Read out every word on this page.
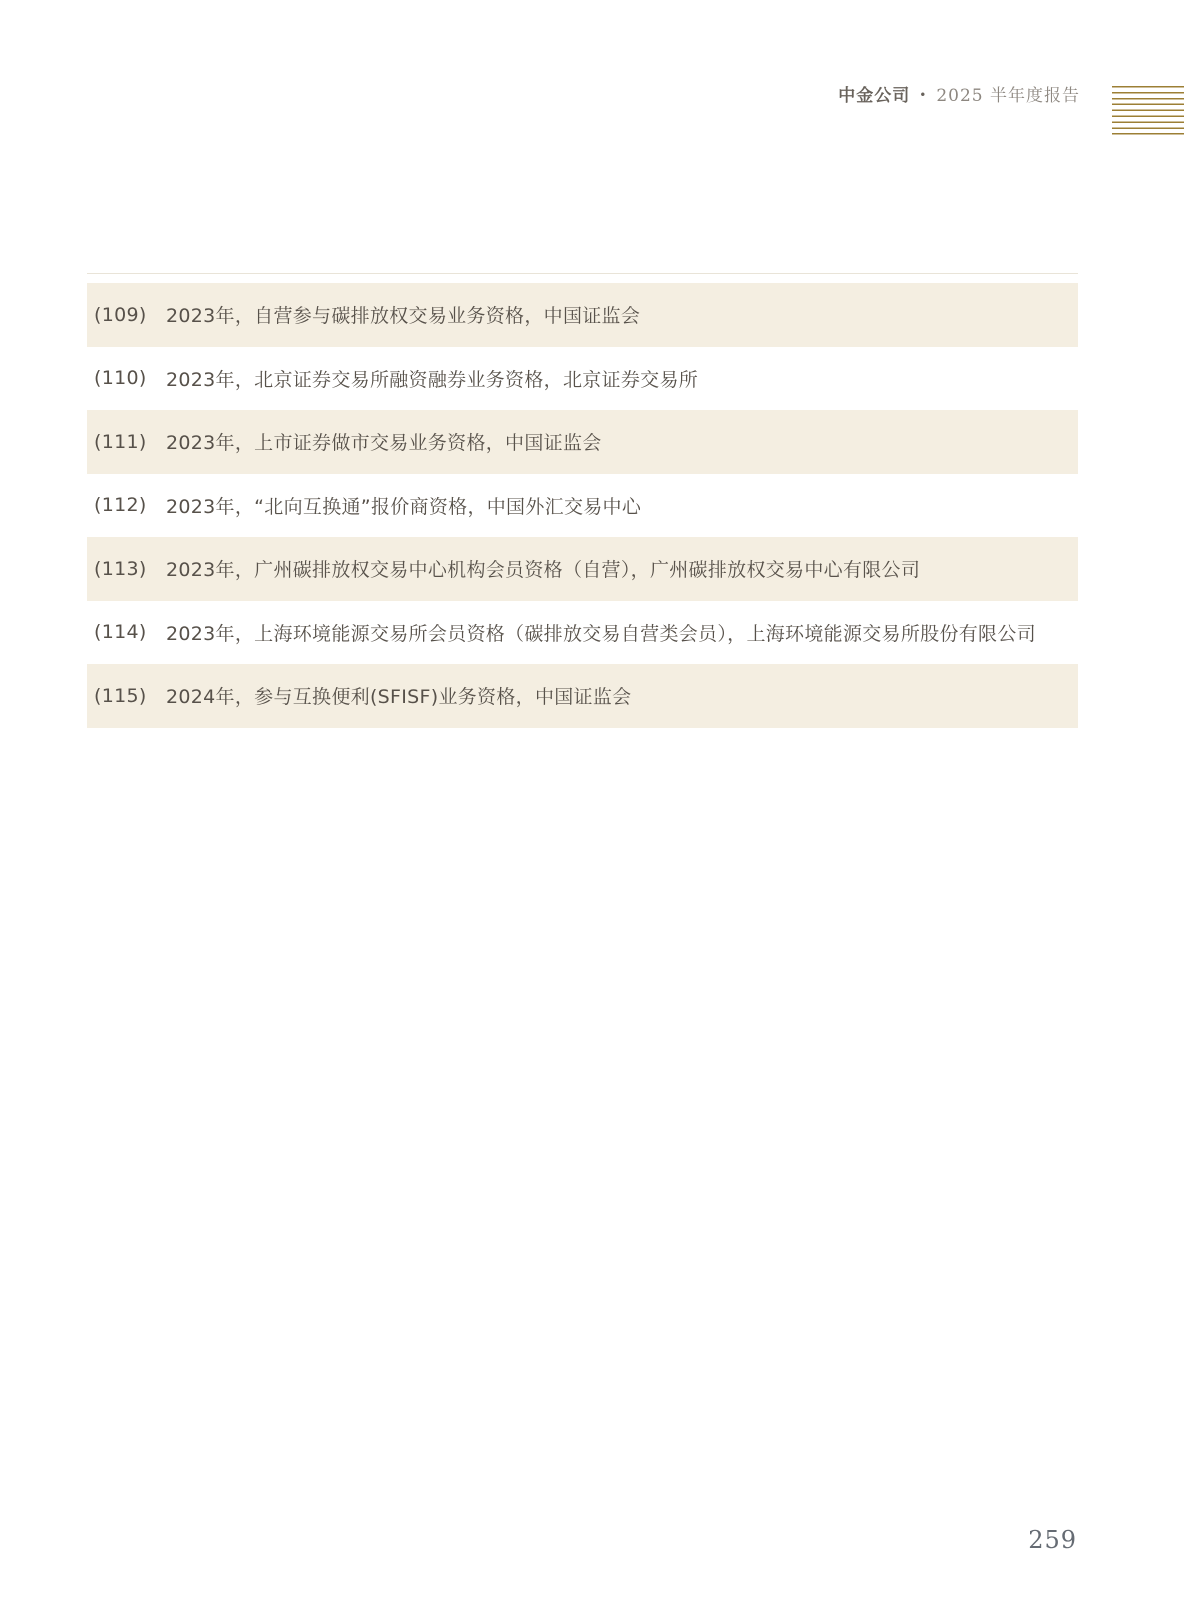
中金公司 • 2025 半年度报告
(109)	2023年，自营参与碳排放权交易业务资格，中国证监会
(110)	2023年，北京证券交易所融资融券业务资格，北京证券交易所
(111)	2023年，上市证券做市交易业务资格，中国证监会
(112)	2023年，“北向互换通”报价商资格，中国外汇交易中心
(113)	2023年，广州碳排放权交易中心机构会员资格（自营），广州碳排放权交易中心有限公司
(114)	2023年，上海环境能源交易所会员资格（碳排放交易自营类会员），上海环境能源交易所股份有限公司
(115)	2024年，参与互换便利(SFISF)业务资格，中国证监会
259
